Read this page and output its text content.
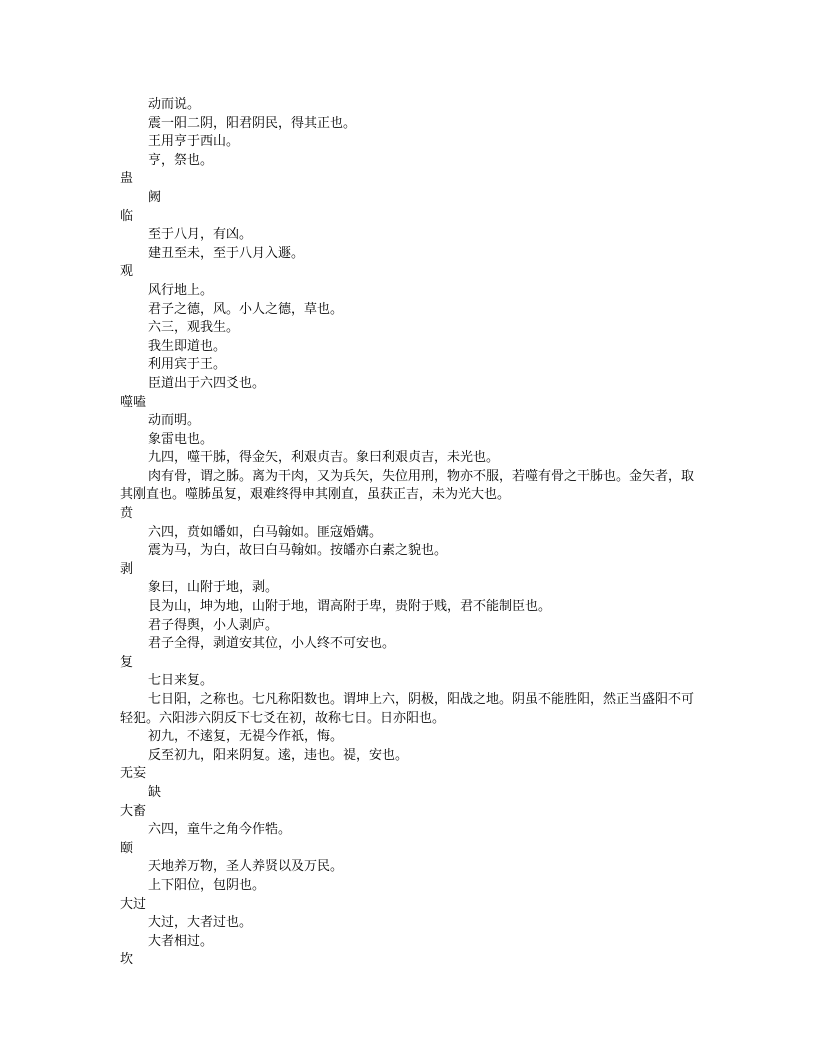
动而说。
震一阳二阴，阳君阴民，得其正也。
王用亨于西山。
亨，祭也。
蛊
阙
临
至于八月，有凶。
建丑至未，至于八月入遯。
观
风行地上。
君子之德，风。小人之德，草也。
六三，观我生。
我生即道也。
利用宾于王。
臣道出于六四爻也。
噬嗑
动而明。
象雷电也。
九四，噬干胏，得金矢，利艰贞吉。象曰利艰贞吉，未光也。
肉有骨，谓之胏。离为干肉，又为兵矢，失位用刑，物亦不服，若噬有骨之干胏也。金矢者，取其刚直也。噬胏虽复，艰难终得申其刚直，虽获正吉，未为光大也。
贲
六四，贲如皤如，白马翰如。匪寇婚媾。
震为马，为白，故曰白马翰如。按皤亦白素之貌也。
剥
象曰，山附于地，剥。
艮为山，坤为地，山附于地，谓高附于卑，贵附于贱，君不能制臣也。
君子得舆，小人剥庐。
君子全得，剥道安其位，小人终不可安也。
复
七日来复。
七日阳，之称也。七凡称阳数也。谓坤上六，阴极，阳战之地。阴虽不能胜阳，然正当盛阳不可轻犯。六阳涉六阴反下七爻在初，故称七日。日亦阳也。
初九，不逺复，无禔今作祇，悔。
反至初九，阳来阴复。逺，违也。禔，安也。
无妄
缺
大畜
六四，童牛之角今作牿。
颐
天地养万物，圣人养贤以及万民。
上下阳位，包阴也。
大过
大过，大者过也。
大者相过。
坎
